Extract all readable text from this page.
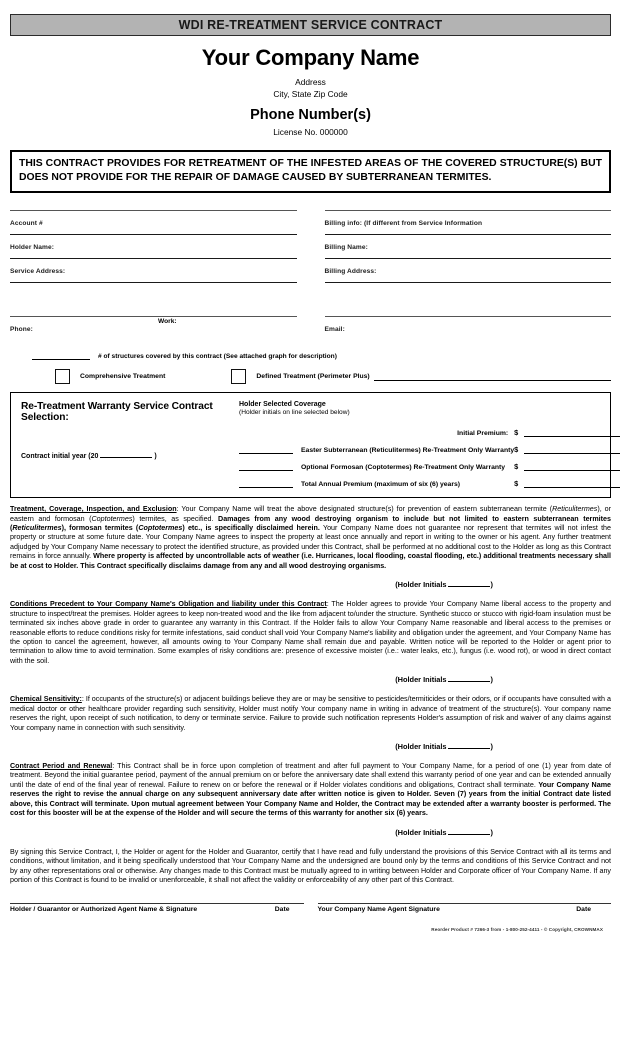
WDI RE-TREATMENT SERVICE CONTRACT
Your Company Name
Address
City, State Zip Code
Phone Number(s)
License No. 000000

THIS CONTRACT PROVIDES FOR RETREATMENT OF THE INFESTED AREAS OF THE COVERED STRUCTURE(S) BUT DOES NOT PROVIDE FOR THE REPAIR OF DAMAGE CAUSED BY SUBTERRANEAN TERMITES.

Account #
Holder Name:
Service Address:
Phone:
Work:
Billing info: (If different from Service Information
Billing Name:
Billing Address:
Email:
# of structures covered by this contract (See attached graph for description)
Comprehensive Treatment	Defined Treatment (Perimeter Plus)
Re-Treatment Warranty Service Contract Selection:
Contract initial year (20	)
Holder Selected Coverage
(Holder initials on line selected below)
Initial Premium: $
Easter Subterranean (Reticulitermes) Re-Treatment Only Warranty $
Optional Formosan (Coptotermes) Re-Treatment Only Warranty	$
Total Annual Premium (maximum of six (6) years)	$

Treatment, Coverage, Inspection, and Exclusion: Your Company Name will treat the above designated structure(s) for prevention of eastern subterranean termite (Reticulitermes), or eastern and formosan (Coptotermes) termites, as specified. Damages from any wood destroying organism to include but not limited to eastern subterranean termites (Reticulitermes), formosan termites (Coptotermes) etc., is specifically disclaimed herein. Your Company Name does not guarantee nor represent that termites will not infest the property or structure at some future date. Your Company Name agrees to inspect the property at least once annually and report in writing to the owner or his agent. Any further treatment adjudged by Your Company Name necessary to protect the identified structure, as provided under this Contract, shall be performed at no additional cost to the Holder as long as this Contract remains in force annually. Where property is affected by uncontrollable acts of weather (i.e. Hurricanes, local flooding, coastal flooding, etc.) additional treatments necessary shall be at cost to Holder. This Contract specifically disclaims damage from any and all wood destroying organisms.

(Holder Initials	)

Conditions Precedent to Your Company Name's Obligation and liability under this Contract: The Holder agrees to provide Your Company Name liberal access to the property and structure to inspect/treat the premises. Holder agrees to keep non-treated wood and the like from adjacent to/under the structure. Synthetic stucco or stucco with rigid-foam insulation must be terminated six inches above grade in order to guarantee any warranty in this Contract. If the Holder fails to allow Your Company Name reasonable and liberal access to the premises or reasonable efforts to reduce conditions risky for termite infestations, said conduct shall void Your Company Name's liability and obligation under the agreement, and Your Company Name has the option to cancel the agreement, however, all amounts owing to Your Company Name shall remain due and payable. Written notice will be reported to the Holder or agent prior to termination to allow time to avoid termination. Some examples of risky conditions are: presence of excessive moister (i.e.: water leaks, etc.), fungus (i.e. wood rot), or wood in direct contact with the soil.

(Holder Initials	)

Chemical Sensitivity:: If occupants of the structure(s) or adjacent buildings believe they are or may be sensitive to pesticides/termiticides or their odors, or if occupants have consulted with a medical doctor or other healthcare provider regarding such sensitivity, Holder must notify Your company name in writing in advance of treatment of the structure(s). Your company name reserves the right, upon receipt of such notification, to deny or terminate service. Failure to provide such notification represents Holder's assumption of risk and waiver of any claims against Your company name in connection with such sensitivity.

(Holder Initials	)

Contract Period and Renewal: This Contract shall be in force upon completion of treatment and after full payment to Your Company Name, for a period of one (1) year from date of treatment. Beyond the initial guarantee period, payment of the annual premium on or before the anniversary date shall extend this warranty period of one year and can be extended annually until the date of end of the final year of renewal. Failure to renew on or before the renewal or if Holder violates conditions and obligations, Contract shall terminate. Your Company Name reserves the right to revise the annual charge on any subsequent anniversary date after written notice is given to Holder. Seven (7) years from the initial Contract date listed above, this Contract will terminate. Upon mutual agreement between Your Company Name and Holder, the Contract may be extended after a warranty booster is performed. The cost for this booster will be at the expense of the Holder and will secure the terms of this warranty for another six (6) years.

(Holder Initials	)

By signing this Service Contract, I, the Holder or agent for the Holder and Guarantor, certify that I have read and fully understand the provisions of this Service Contract with all its terms and conditions, without limitation, and it being specifically understood that Your Company Name and the undersigned are bound only by the terms and conditions of this Service Contract and not by any other representations oral or otherwise. Any changes made to this Contract must be mutually agreed to in writing between Holder and Corporate officer of Your Company Name. If any portion of this Contract is found to be invalid or unenforceable, it shall not affect the validity or enforceability of any other part of this Contract.

Holder / Guarantor or Authorized Agent Name & Signature	Date	Your Company Name Agent Signature	Date
Reorder Product # 7266-3 from - 1-800-252-4411 - © Copyright, CROWNMAX
